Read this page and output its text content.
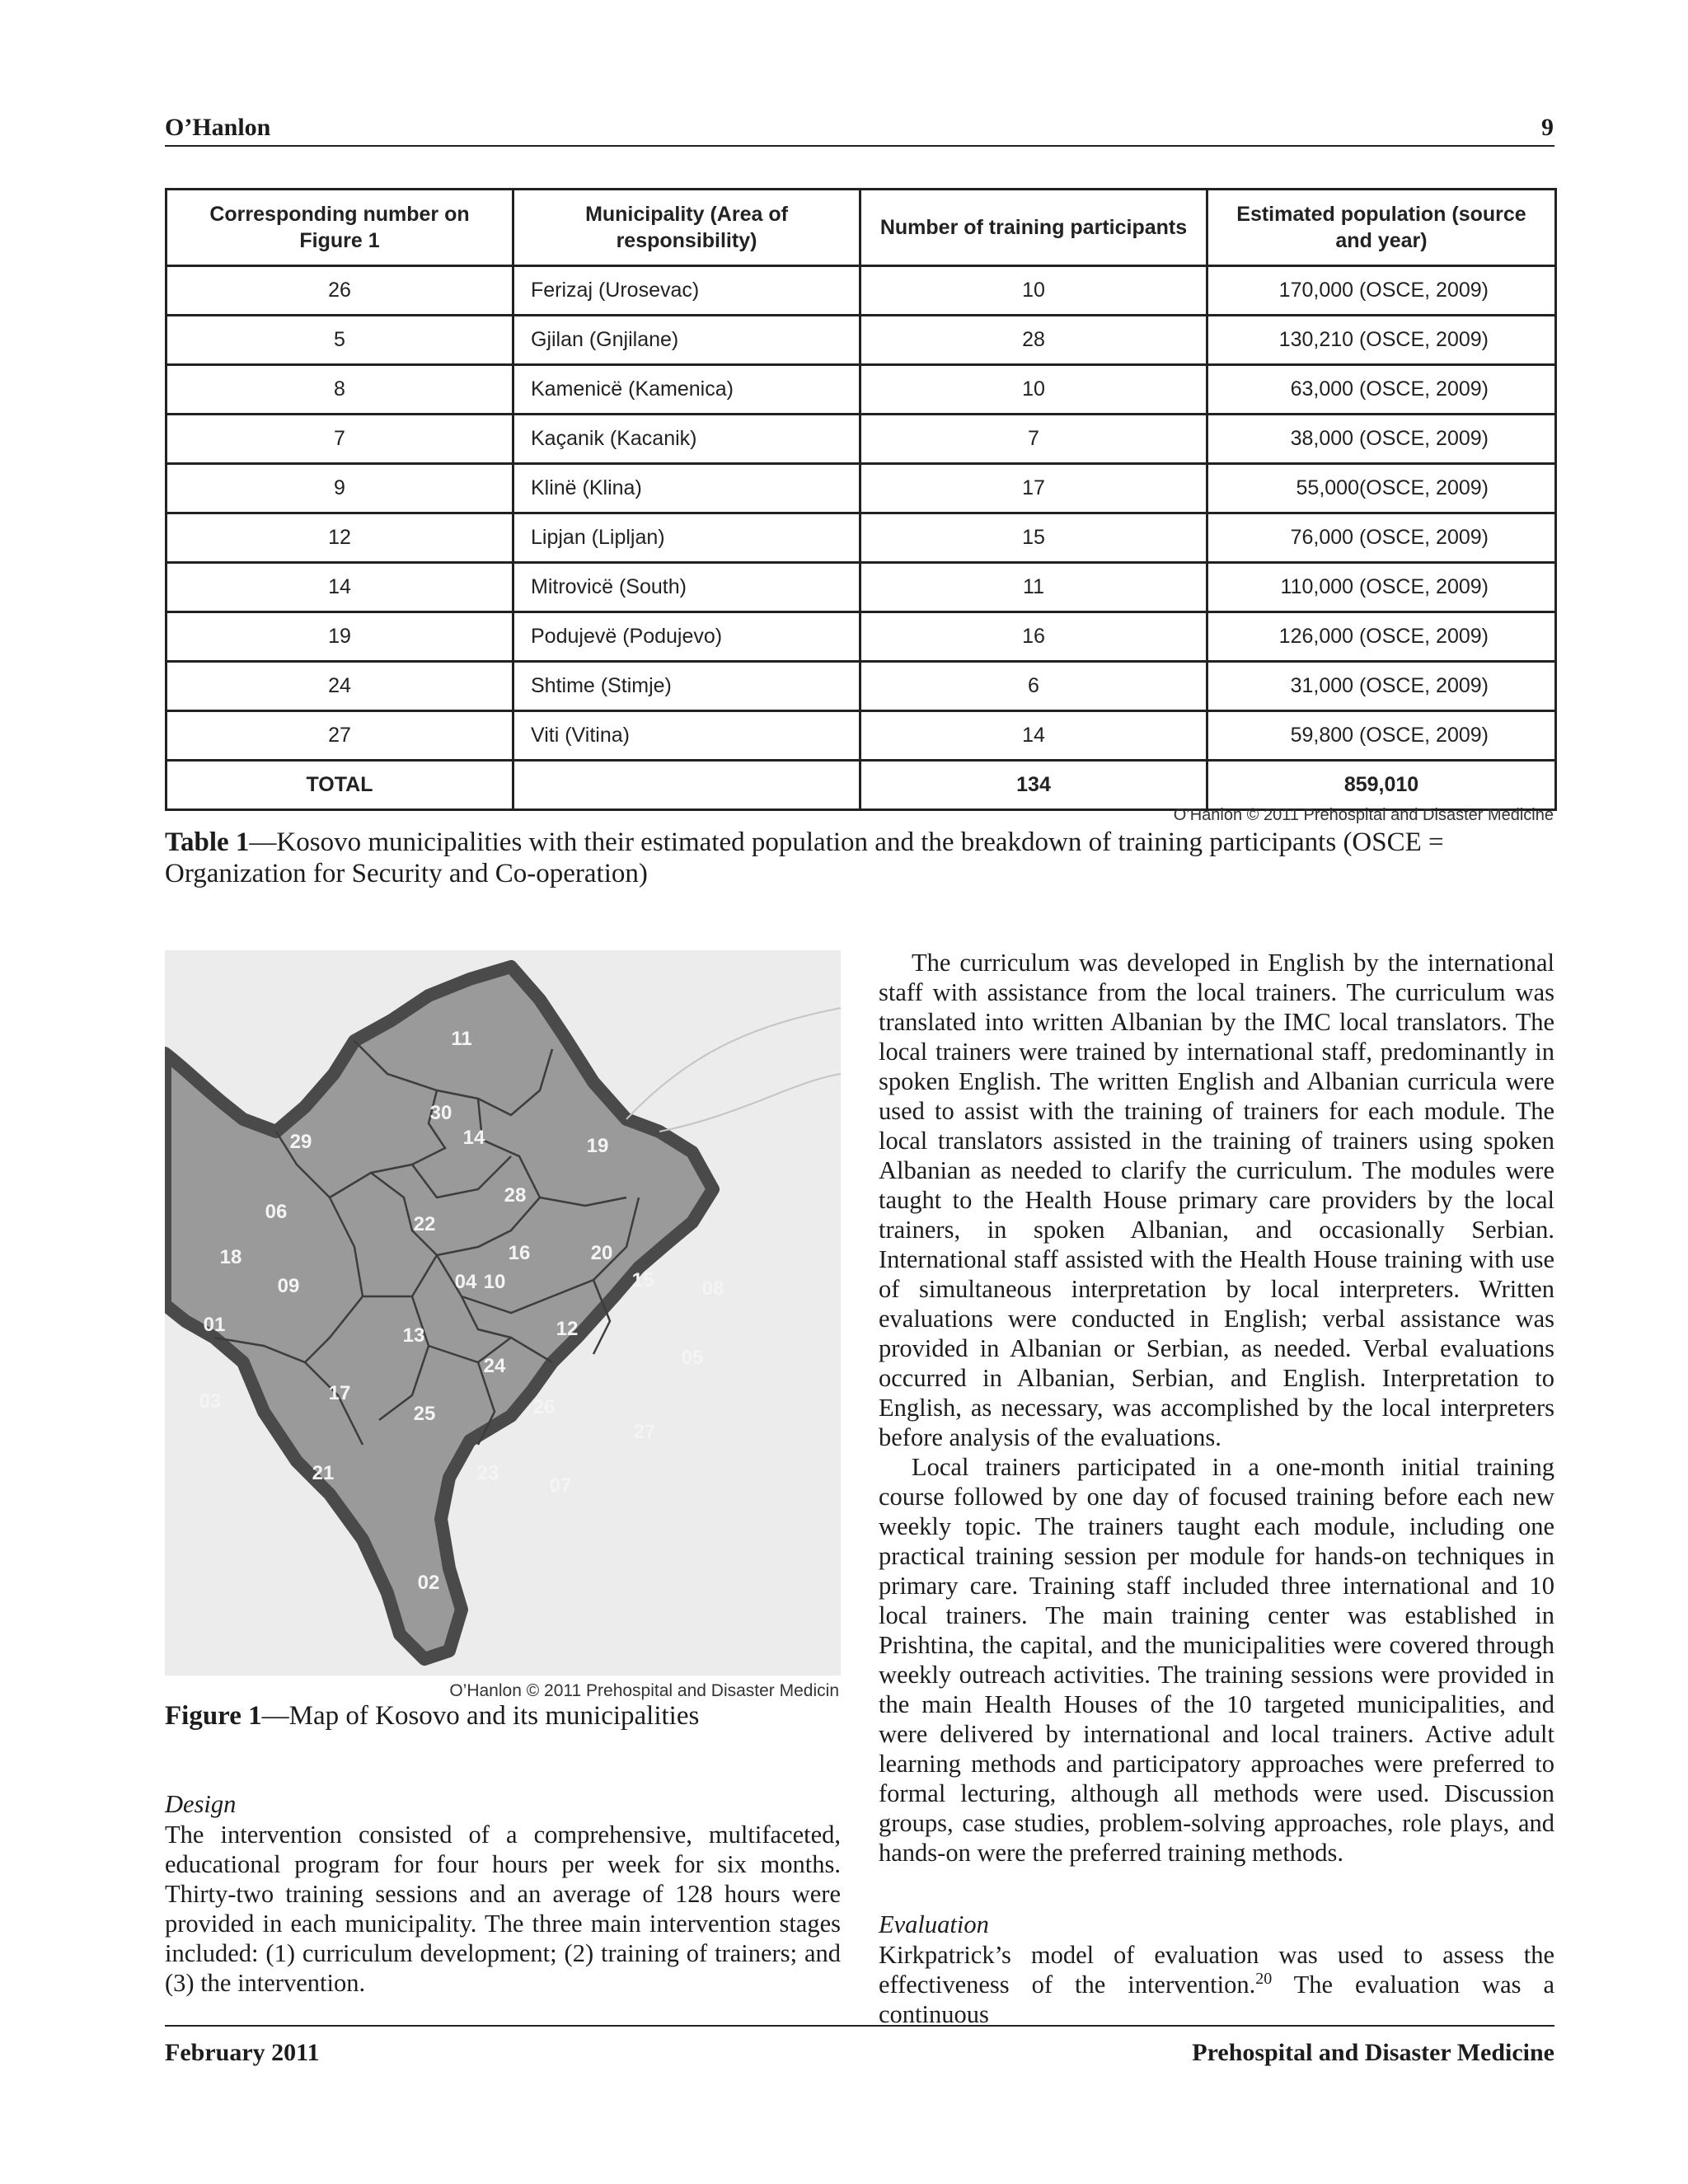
O’Hanlon	9
Corresponding number on Figure 1	Municipality (Area of responsibility)	Number of training participants	Estimated population (source and year)
26	Ferizaj (Urosevac)	10	170,000 (OSCE, 2009)
5	Gjilan (Gnjilane)	28	130,210 (OSCE, 2009)
8	Kamenicë (Kamenica)	10	63,000 (OSCE, 2009)
7	Kaçanik (Kacanik)	7	38,000 (OSCE, 2009)
9	Klinë (Klina)	17	55,000(OSCE, 2009)
12	Lipjan (Lipljan)	15	76,000 (OSCE, 2009)
14	Mitrovicë (South)	11	110,000 (OSCE, 2009)
19	Podujevë (Podujevo)	16	126,000 (OSCE, 2009)
24	Shtime (Stimje)	6	31,000 (OSCE, 2009)
27	Viti (Vitina)	14	59,800 (OSCE, 2009)
TOTAL		134	859,010
O’Hanlon © 2011 Prehospital and Disaster Medicine
Table 1—Kosovo municipalities with their estimated population and the breakdown of training participants (OSCE = Organization for Security and Co-operation)
11
30
29	14	19
06
28
22
18	16	20
09	04 10	15 08
01	13	12
05
24
17
03
25	26
27
21	23
07
02
O’Hanlon © 2011 Prehospital and Disaster Medicin
Figure 1—Map of Kosovo and its municipalities
Design
The intervention consisted of a comprehensive, multifaceted, educational program for four hours per week for six months. Thirty-two training sessions and an average of 128 hours were provided in each municipality. The three main intervention stages included: (1) curriculum development; (2) training of trainers; and (3) the intervention.

The curriculum was developed in English by the international staff with assistance from the local trainers. The curriculum was translated into written Albanian by the IMC local translators. The local trainers were trained by international staff, predominantly in spoken English. The written English and Albanian curricula were used to assist with the training of trainers for each module. The local translators assisted in the training of trainers using spoken Albanian as needed to clarify the curriculum. The modules were taught to the Health House primary care providers by the local trainers, in spoken Albanian, and occasionally Serbian. International staff assisted with the Health House training with use of simultaneous interpretation by local interpreters. Written evaluations were conducted in English; verbal assistance was provided in Albanian or Serbian, as needed. Verbal evaluations occurred in Albanian, Serbian, and English. Interpretation to English, as necessary, was accomplished by the local interpreters before analysis of the evaluations.

Local trainers participated in a one-month initial training course followed by one day of focused training before each new weekly topic. The trainers taught each module, including one practical training session per module for hands-on techniques in primary care. Training staff included three international and 10 local trainers. The main training center was established in Prishtina, the capital, and the municipalities were covered through weekly outreach activities. The training sessions were provided in the main Health Houses of the 10 targeted municipalities, and were delivered by international and local trainers. Active adult learning methods and participatory approaches were preferred to formal lecturing, although all methods were used. Discussion groups, case studies, problem-solving approaches, role plays, and hands-on were the preferred training methods.

Evaluation
Kirkpatrick’s model of evaluation was used to assess the effectiveness of the intervention.$^{20}$ The evaluation was a continuous
February 2011	Prehospital and Disaster Medicine
